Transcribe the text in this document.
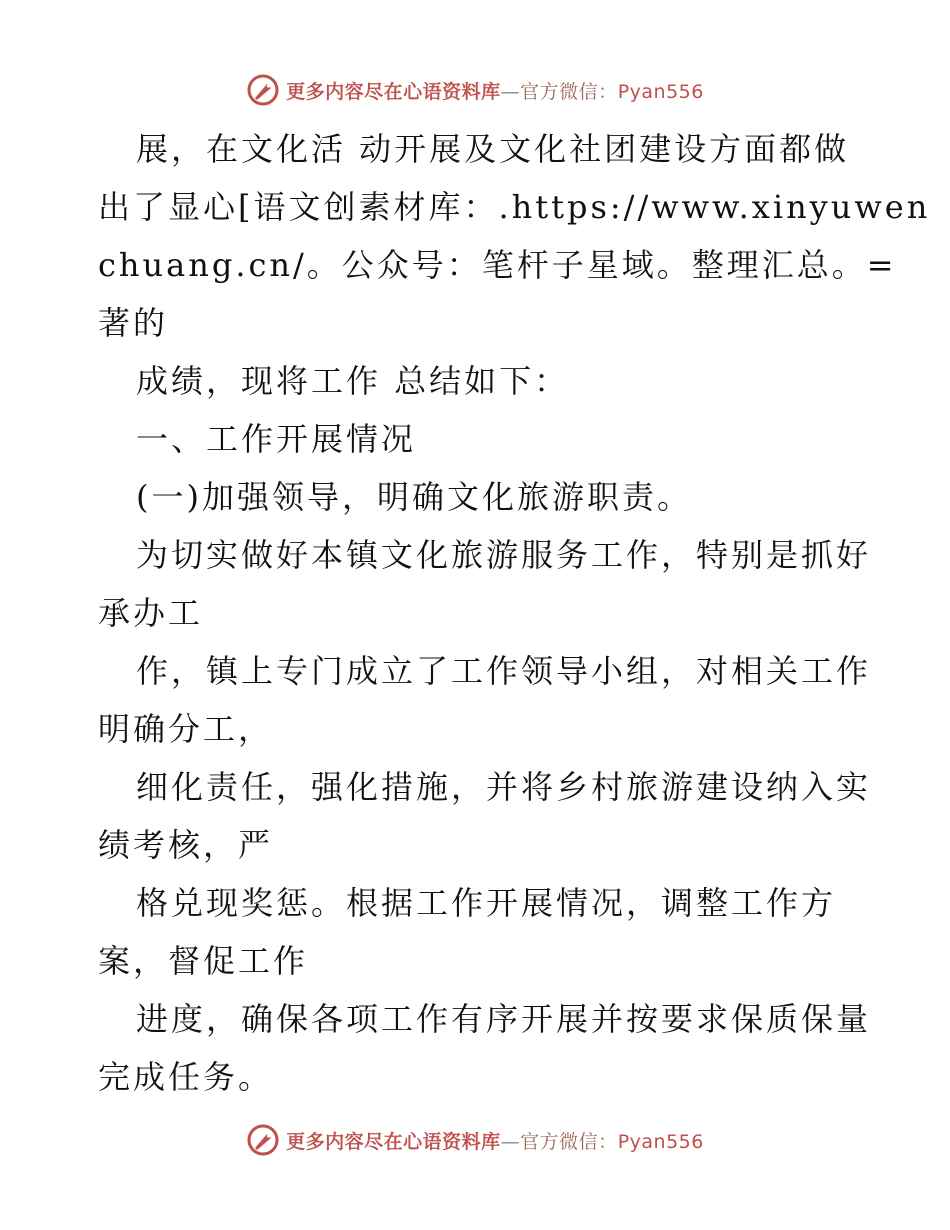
更多内容尽在心语资料库—官方微信：Pyan556
展，在文化活 动开展及文化社团建设方面都做
出了显心[语文创素材库：.https://www.xinyuwen
chuang.cn/。公众号：笔杆子星域。整理汇总。=
著的
成绩，现将工作 总结如下：
一、工作开展情况
(一)加强领导，明确文化旅游职责。
为切实做好本镇文化旅游服务工作，特别是抓好
承办工
作，镇上专门成立了工作领导小组，对相关工作
明确分工，
细化责任，强化措施，并将乡村旅游建设纳入实
绩考核，严
格兑现奖惩。根据工作开展情况，调整工作方
案，督促工作
进度，确保各项工作有序开展并按要求保质保量
完成任务。
更多内容尽在心语资料库—官方微信：Pyan556
